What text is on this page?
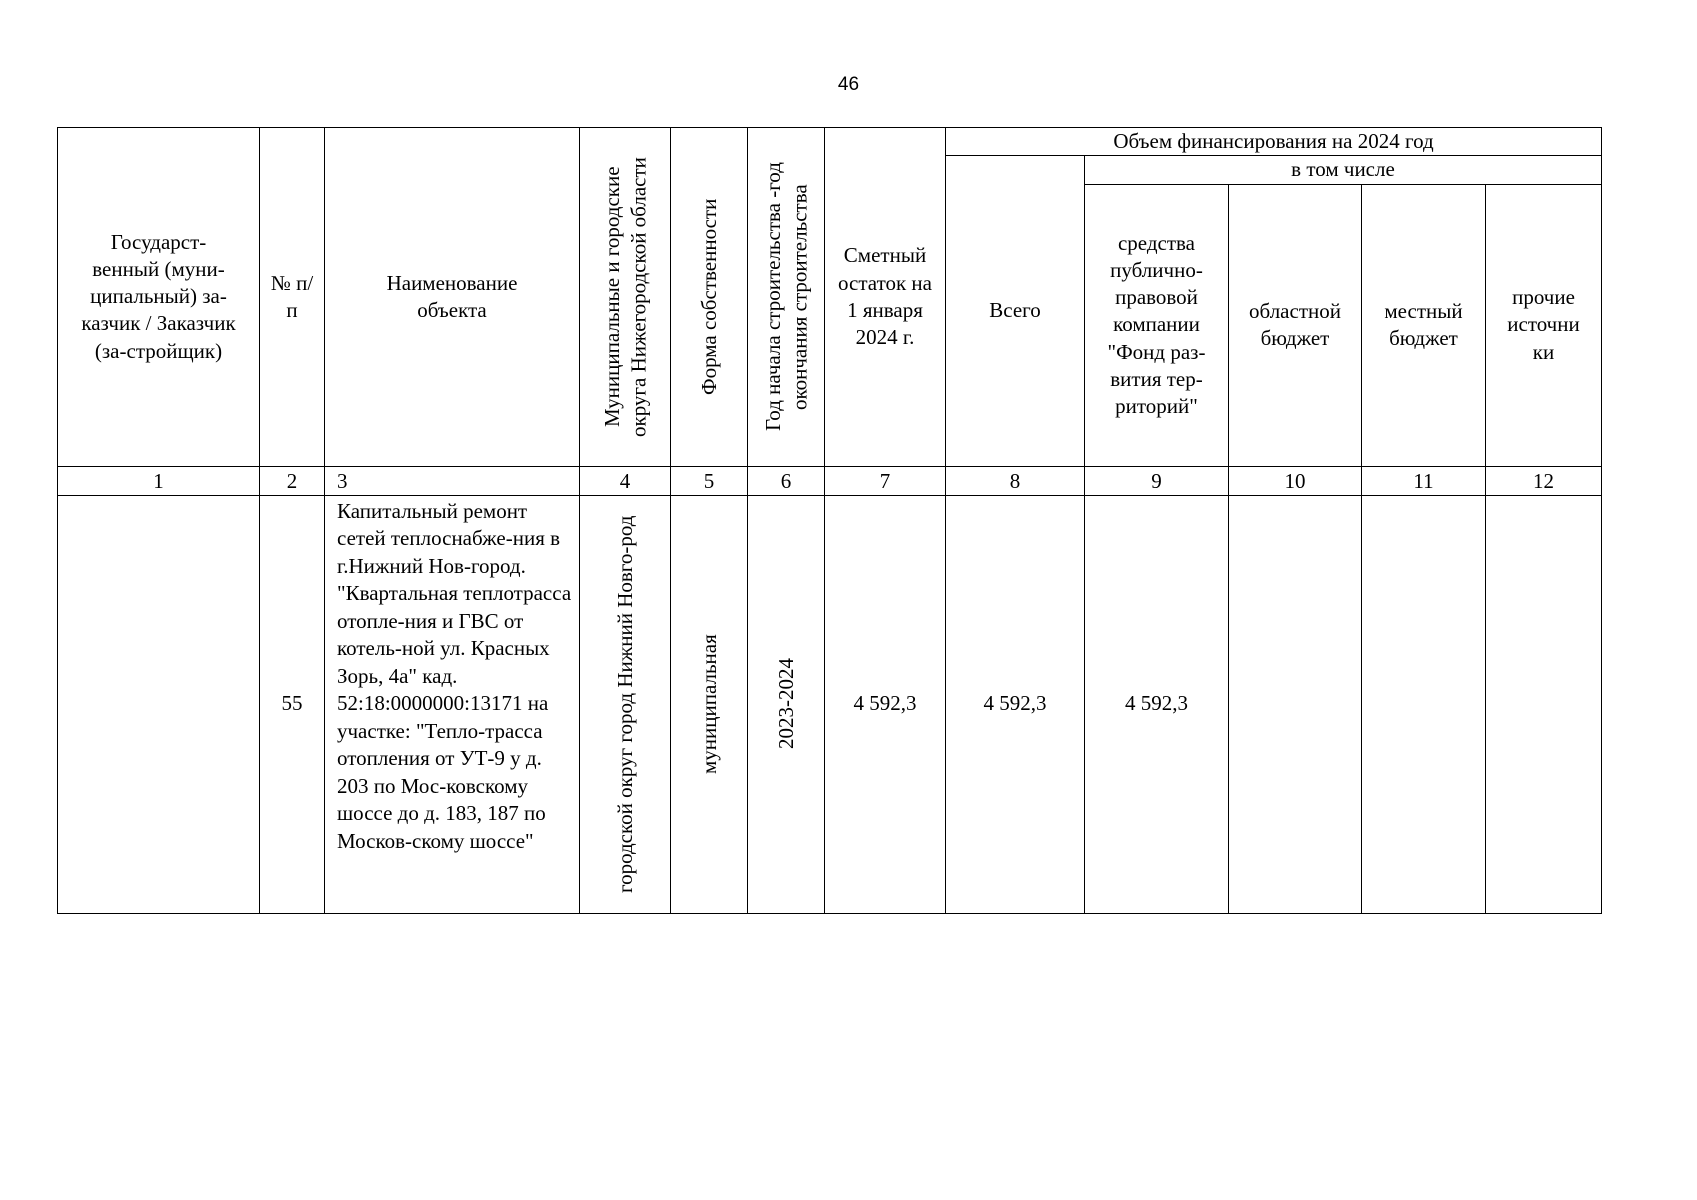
46
Государст-венный (муни-ципальный) за-казчик / Заказчик (за-стройщик)	№ п/п	Наименование объекта	Муниципальные и городские округа Нижегородской области	Форма собственности	Год начала строительства -год окончания строительства	Сметный остаток на 1 января 2024 г.	Объем финансирования на 2024 год				
							Всего	в том числе			

								средства публично-правовой компании "Фонд раз-вития тер-риторий"	областной бюджет	местный бюджет	прочие источни ки

1	2	3	4	5	6	7	8	9	10	11	12
	55	Капитальный ремонт сетей теплоснабже-ния в г.Нижний Нов-город. "Квартальная теплотрасса отопле-ния и ГВС от котель-ной ул. Красных Зорь, 4а" кад. 52:18:0000000:13171 на участке: "Тепло-трасса отопления от УТ-9 у д. 203 по Мос-ковскому шоссе до д. 183, 187 по Москов-скому шоссе"	городской округ город Нижний Новго-род	муниципальная	2023-2024	4 592,3	4 592,3	4 592,3			
